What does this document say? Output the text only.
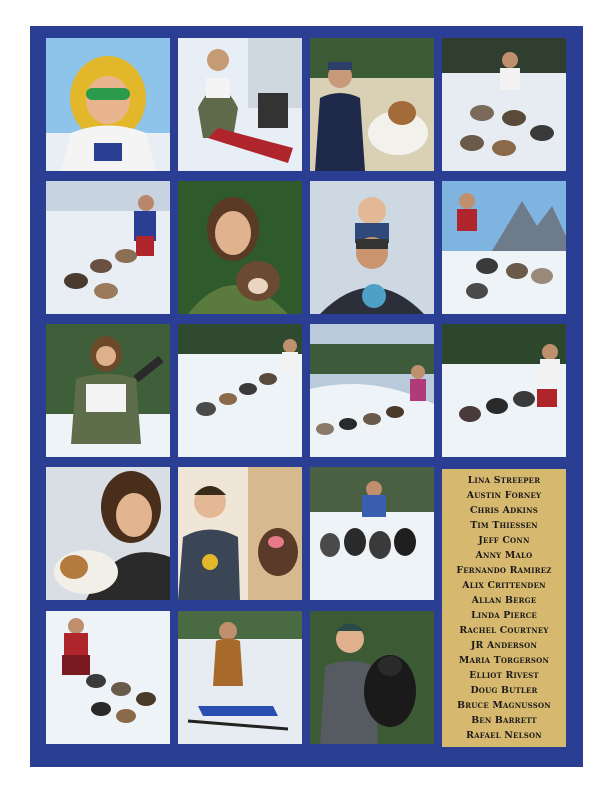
Lina Streeper
Austin Forney
Chris Adkins
Tim Thiessen
Jeff Conn
Anny Malo
Fernando Ramirez
Alix Crittenden
Allan Berge
Linda Pierce
Rachel Courtney
JR Anderson
Maria Torgerson
Elliot Rivest
Doug Butler
Bruce Magnusson
Ben Barrett
Rafael Nelson
